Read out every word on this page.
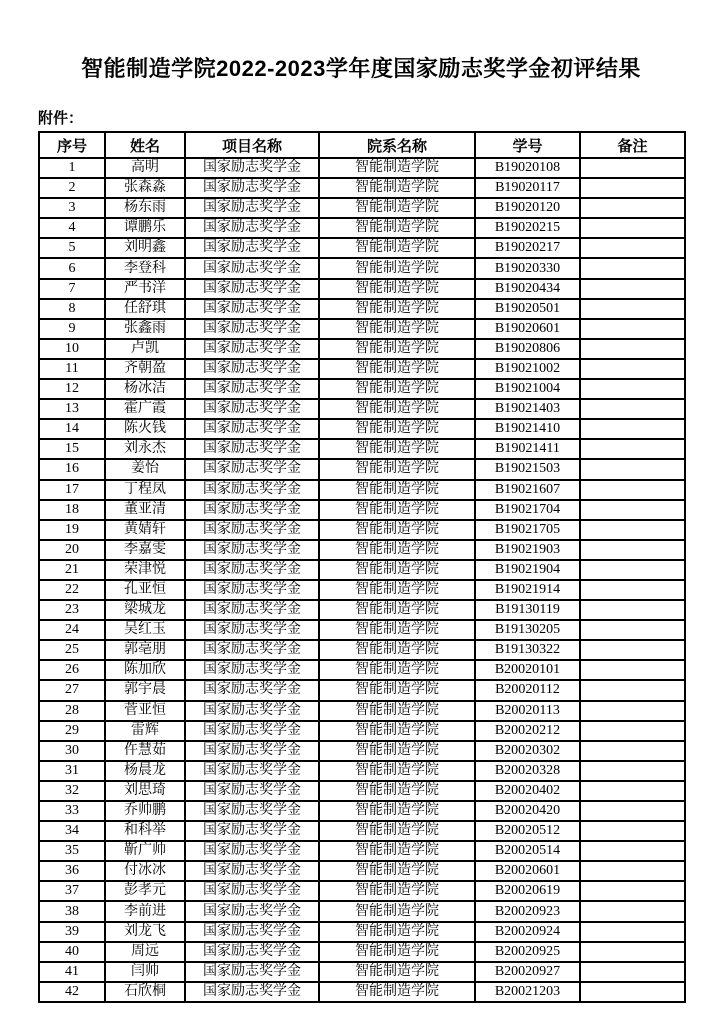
智能制造学院2022-2023学年度国家励志奖学金初评结果
附件：
序号	姓名	项目名称	院系名称	学号	备注
1	高明	国家励志奖学金	智能制造学院	B19020108	
2	张森淼	国家励志奖学金	智能制造学院	B19020117	
3	杨东雨	国家励志奖学金	智能制造学院	B19020120	
4	谭鹏乐	国家励志奖学金	智能制造学院	B19020215	
5	刘明鑫	国家励志奖学金	智能制造学院	B19020217	
6	李登科	国家励志奖学金	智能制造学院	B19020330	
7	严书洋	国家励志奖学金	智能制造学院	B19020434	
8	任舒琪	国家励志奖学金	智能制造学院	B19020501	
9	张鑫雨	国家励志奖学金	智能制造学院	B19020601	
10	卢凯	国家励志奖学金	智能制造学院	B19020806	
11	齐朝盈	国家励志奖学金	智能制造学院	B19021002	
12	杨冰洁	国家励志奖学金	智能制造学院	B19021004	
13	霍广霞	国家励志奖学金	智能制造学院	B19021403	
14	陈火钱	国家励志奖学金	智能制造学院	B19021410	
15	刘永杰	国家励志奖学金	智能制造学院	B19021411	
16	姜怡	国家励志奖学金	智能制造学院	B19021503	
17	丁程凤	国家励志奖学金	智能制造学院	B19021607	
18	董亚清	国家励志奖学金	智能制造学院	B19021704	
19	黄婧轩	国家励志奖学金	智能制造学院	B19021705	
20	李嘉雯	国家励志奖学金	智能制造学院	B19021903	
21	荣津悦	国家励志奖学金	智能制造学院	B19021904	
22	孔亚恒	国家励志奖学金	智能制造学院	B19021914	
23	梁城龙	国家励志奖学金	智能制造学院	B19130119	
24	吴红玉	国家励志奖学金	智能制造学院	B19130205	
25	郭亳朋	国家励志奖学金	智能制造学院	B19130322	
26	陈加欣	国家励志奖学金	智能制造学院	B20020101	
27	郭宇晨	国家励志奖学金	智能制造学院	B20020112	
28	菅亚恒	国家励志奖学金	智能制造学院	B20020113	
29	雷辉	国家励志奖学金	智能制造学院	B20020212	
30	仵慧茹	国家励志奖学金	智能制造学院	B20020302	
31	杨晨龙	国家励志奖学金	智能制造学院	B20020328	
32	刘思琦	国家励志奖学金	智能制造学院	B20020402	
33	乔帅鹏	国家励志奖学金	智能制造学院	B20020420	
34	和科举	国家励志奖学金	智能制造学院	B20020512	
35	靳广帅	国家励志奖学金	智能制造学院	B20020514	
36	付冰冰	国家励志奖学金	智能制造学院	B20020601	
37	彭孝元	国家励志奖学金	智能制造学院	B20020619	
38	李前进	国家励志奖学金	智能制造学院	B20020923	
39	刘龙飞	国家励志奖学金	智能制造学院	B20020924	
40	周远	国家励志奖学金	智能制造学院	B20020925	
41	闫帅	国家励志奖学金	智能制造学院	B20020927	
42	石欣桐	国家励志奖学金	智能制造学院	B20021203	
